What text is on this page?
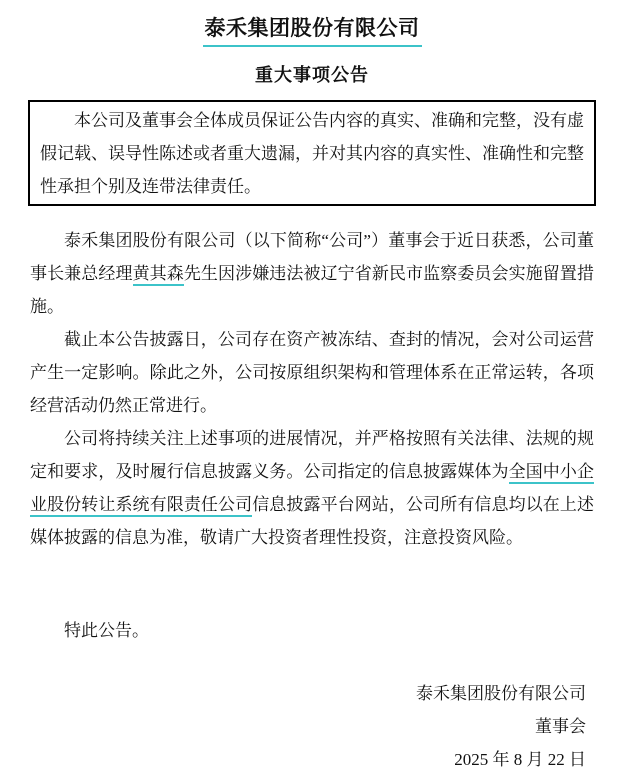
泰禾集团股份有限公司
重大事项公告

本公司及董事会全体成员保证公告内容的真实、准确和完整，没有虚假记载、误导性陈述或者重大遗漏，并对其内容的真实性、准确性和完整性承担个别及连带法律责任。

泰禾集团股份有限公司（以下简称“公司”）董事会于近日获悉，公司董事长兼总经理黄其森先生因涉嫌违法被辽宁省新民市监察委员会实施留置措施。

截止本公告披露日，公司存在资产被冻结、查封的情况，会对公司运营产生一定影响。除此之外，公司按原组织架构和管理体系在正常运转，各项经营活动仍然正常进行。

公司将持续关注上述事项的进展情况，并严格按照有关法律、法规的规定和要求，及时履行信息披露义务。公司指定的信息披露媒体为全国中小企业股份转让系统有限责任公司信息披露平台网站，公司所有信息均以在上述媒体披露的信息为准，敬请广大投资者理性投资，注意投资风险。

特此公告。

泰禾集团股份有限公司
董事会
2025 年 8 月 22 日
